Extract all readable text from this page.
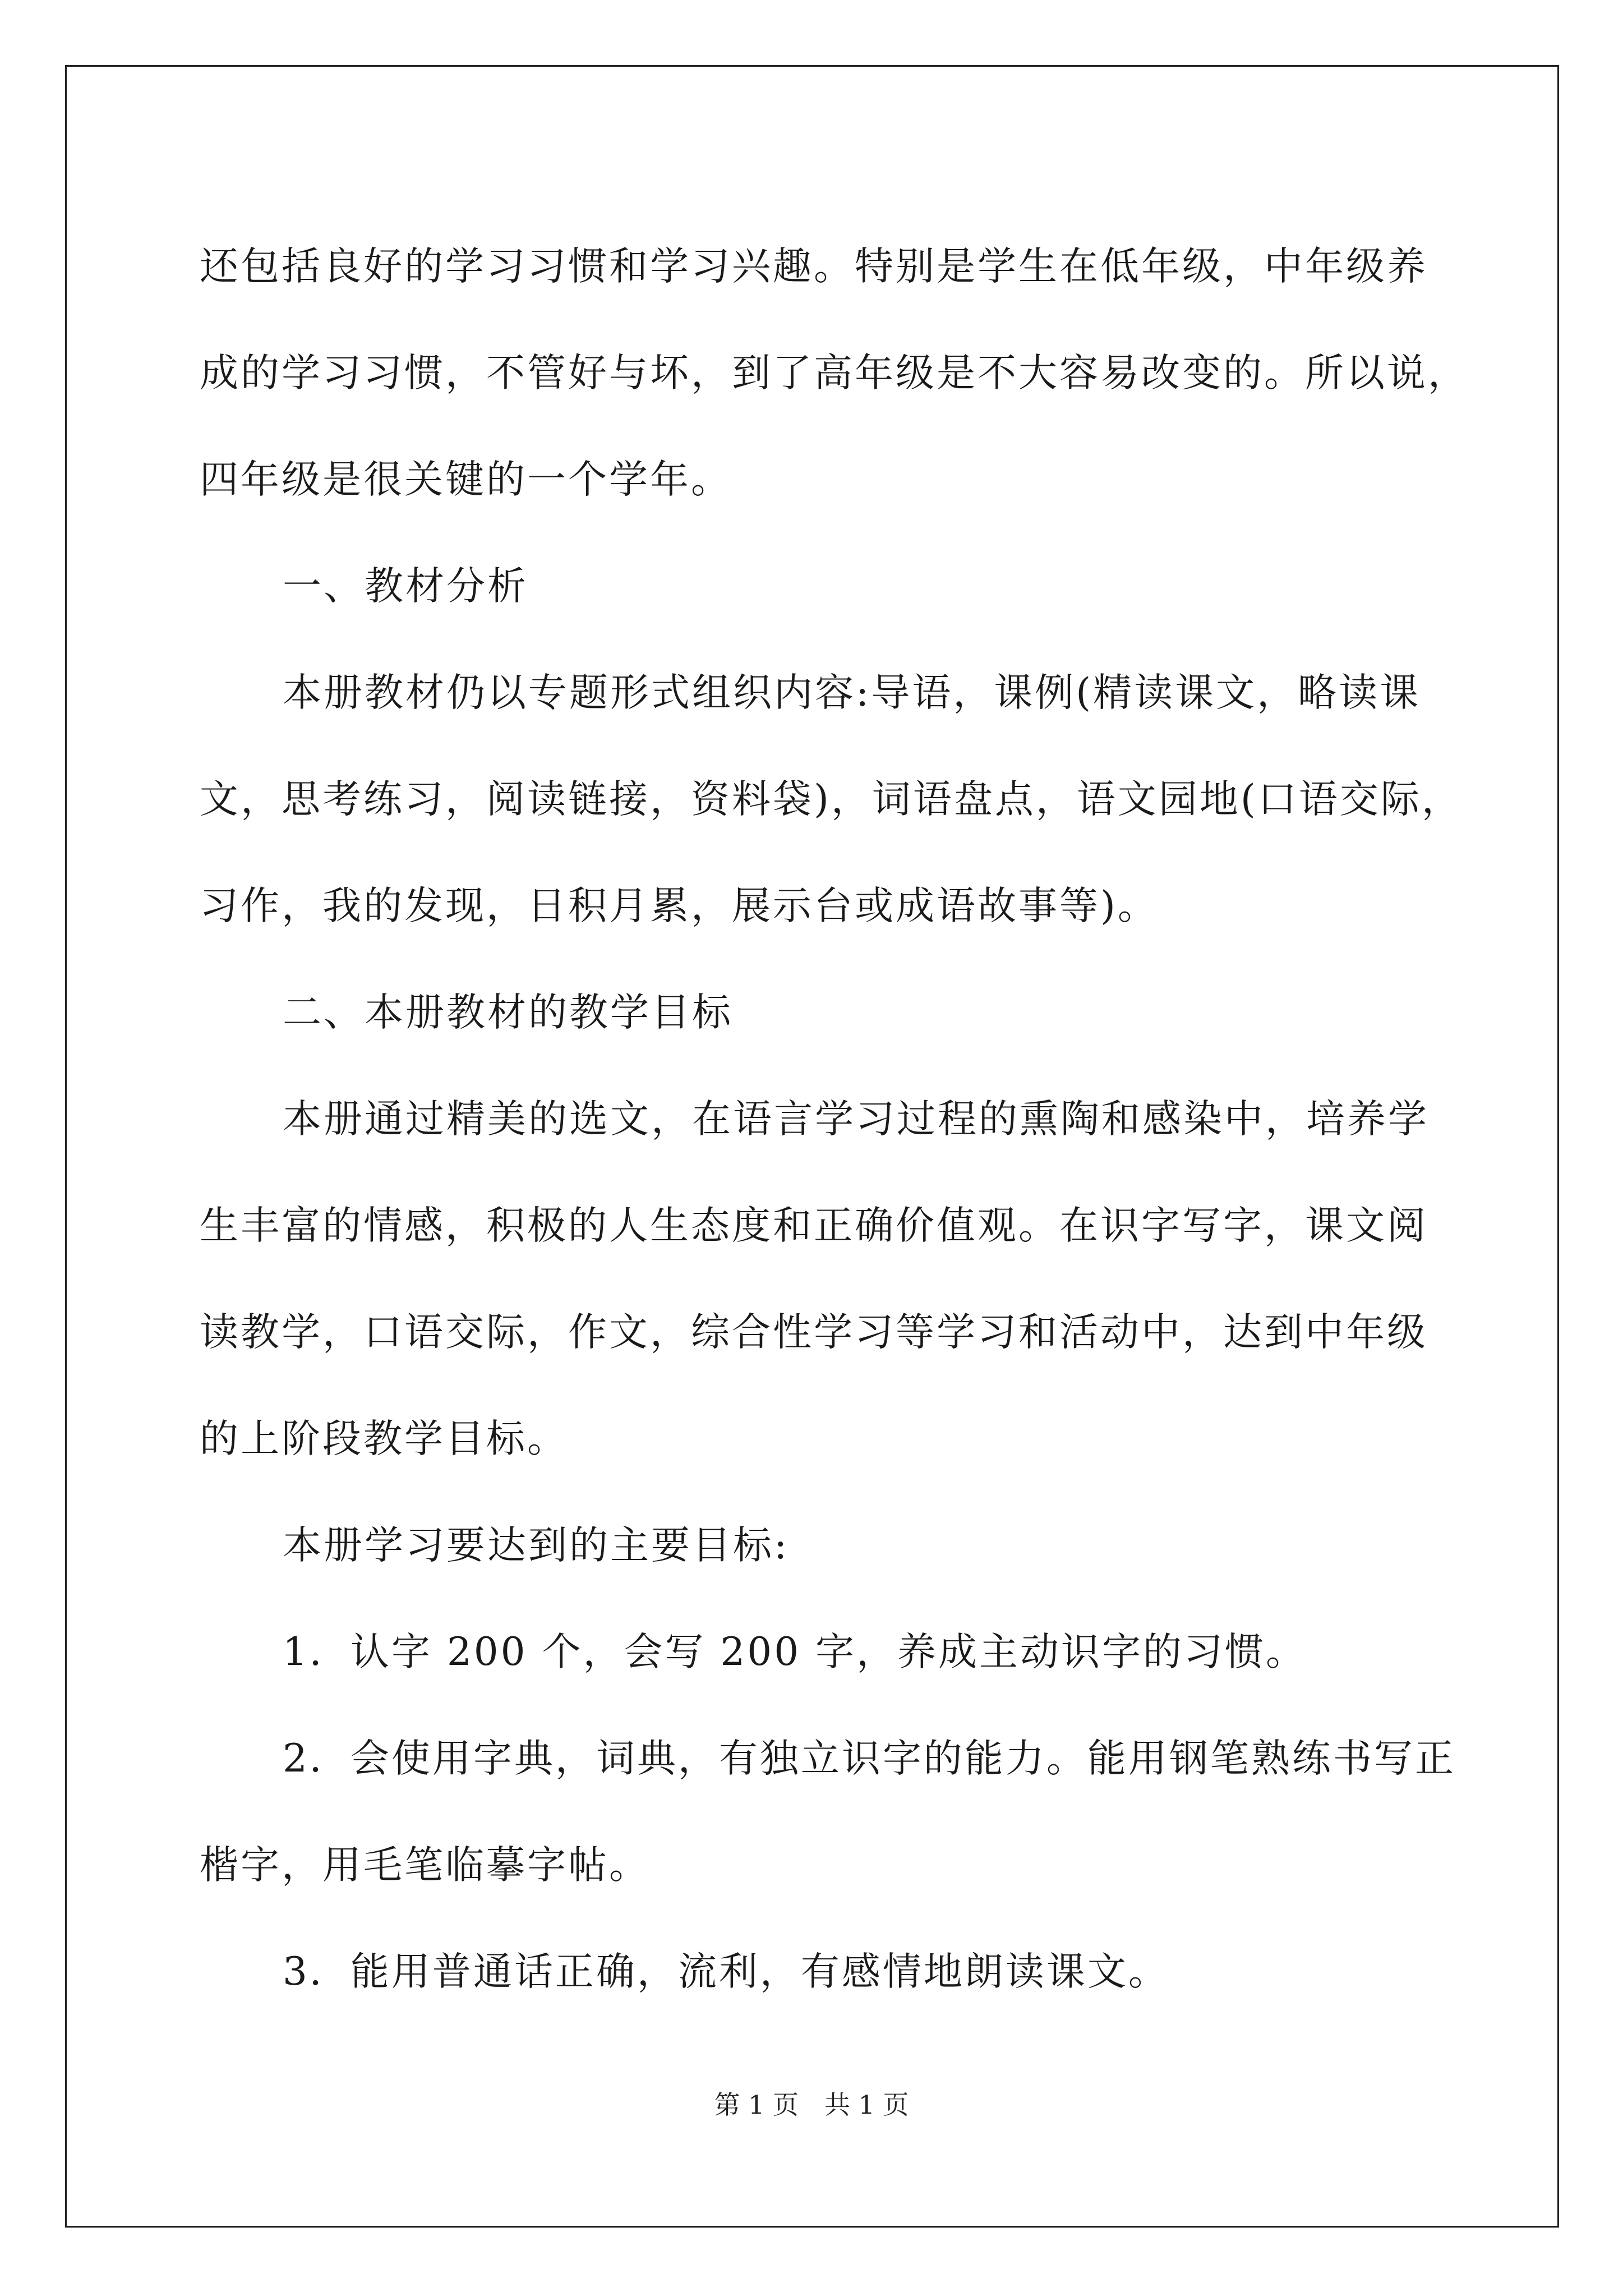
还包括良好的学习习惯和学习兴趣。特别是学生在低年级，中年级养

成的学习习惯，不管好与坏，到了高年级是不大容易改变的。所以说，

四年级是很关键的一个学年。

一、教材分析

本册教材仍以专题形式组织内容:导语，课例(精读课文，略读课

文，思考练习，阅读链接，资料袋)，词语盘点，语文园地(口语交际，

习作，我的发现，日积月累，展示台或成语故事等)。

二、本册教材的教学目标

本册通过精美的选文，在语言学习过程的熏陶和感染中，培养学

生丰富的情感，积极的人生态度和正确价值观。在识字写字，课文阅

读教学，口语交际，作文，综合性学习等学习和活动中，达到中年级

的上阶段教学目标。

本册学习要达到的主要目标:

1．认字 200 个，会写 200 字，养成主动识字的习惯。

2．会使用字典，词典，有独立识字的能力。能用钢笔熟练书写正

楷字，用毛笔临摹字帖。

3．能用普通话正确，流利，有感情地朗读课文。

第 1 页　共 1 页
